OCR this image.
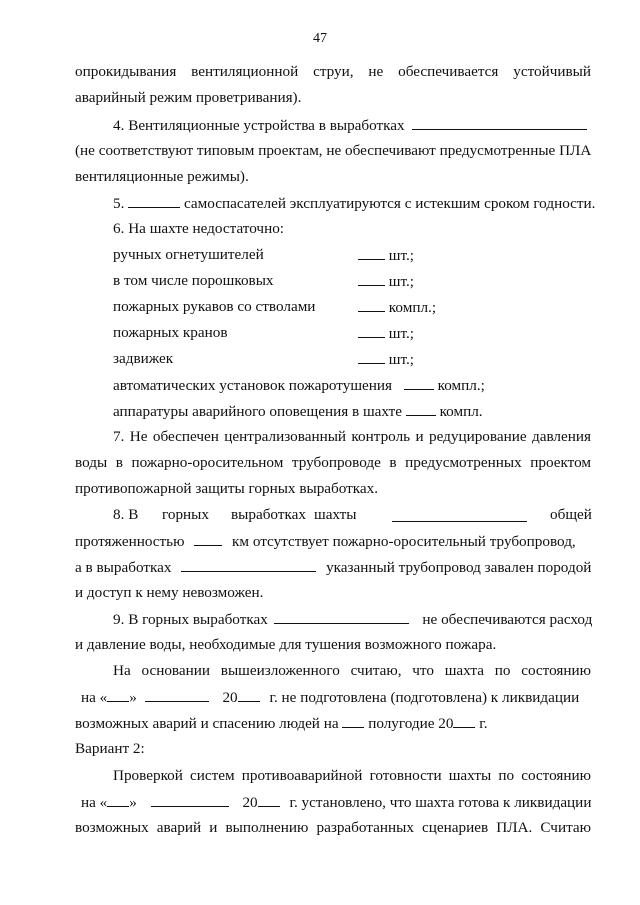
47
опрокидывания вентиляционной струи, не обеспечивается устойчивый
аварийный режим проветривания).
4. Вентиляционные устройства в выработках
(не соответствуют типовым проектам, не обеспечивают предусмотренные ПЛА
вентиляционные режимы).
5.	самоспасателей эксплуатируются с истекшим сроком годности.
6. На шахте недостаточно:
ручных огнетушителей	шт.;
в том числе порошковых	шт.;
пожарных рукавов со стволами	компл.;
пожарных кранов	шт.;
задвижек	шт.;
автоматических установок пожаротушения	компл.;
аппаратуры аварийного оповещения в шахте компл.
7. Не обеспечен централизованный контроль и редуцирование давления
воды в пожарно-оросительном трубопроводе в предусмотренных проектом
противопожарной защиты горных выработках.
8. В горных выработках шахты	общей
протяженностью	км отсутствует пожарно-оросительный трубопровод,
а в выработках	указанный трубопровод завален породой
и доступ к нему невозможен.
9. В горных выработках	не обеспечиваются расход
и давление воды, необходимые для тушения возможного пожара.
На основании вышеизложенного считаю, что шахта по состоянию
на « »	20 г. не подготовлена (подготовлена) к ликвидации
возможных аварий и спасению людей на полугодие 20 г.
Вариант 2:
Проверкой систем противоаварийной готовности шахты по состоянию
на « »	20 г. установлено, что шахта готова к ликвидации
возможных аварий и выполнению разработанных сценариев ПЛА. Считаю
